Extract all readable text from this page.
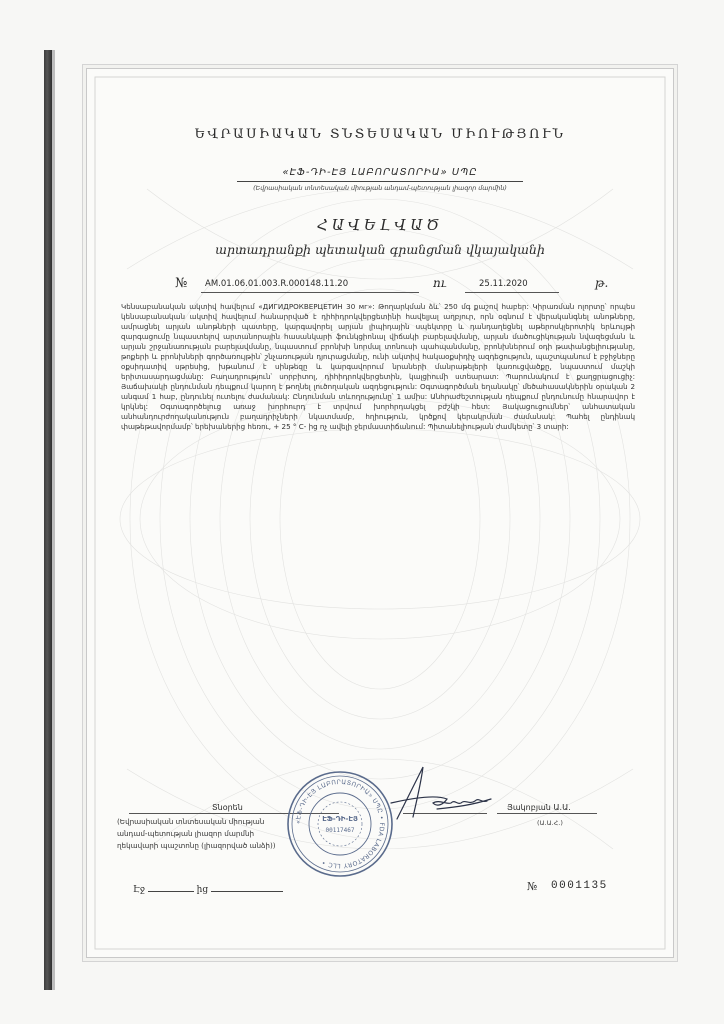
ԵՎՐԱՍԻԱԿԱՆ ՏՆՏԵՍԱԿԱՆ ՄԻՈՒԹՅՈՒՆ
«ԷՖ-ԴԻ-ԷՅ ԼԱԲՈՐԱՏՈՐԻԱ» ՍՊԸ
(Եվրասիական տնտեսական միության անդամ-պետության լիազոր մարմին)
ՀԱՎԵԼՎԱԾ
արտադրանքի պետական գրանցման վկայականի
№ AM.01.06.01.003.R.000148.11.20	ու	25.11.2020	թ.

Կենսաբանական ակտիվ հավելում «ДИГИДРОКВЕРЦЕТИН 30 мг»: Թողարկման ձև՝ 250 մգ քաշով հաբեր: Կիրառման ոլորտը՝ որպես կենսաբանական ակտիվ հավելում հանարրված է դիհիդրոկվերցետինի հավելյալ աղբյուր, որն օգնում է վերականգնել անոթները, ամրացնել արյան անոթների պատերը, կարգավորել արյան լիպիդային սպեկտրը և դանդաղեցնել աթերոսկլերոտիկ երևույթի զարգացումը նպաստելով արտանորային հասանկարի ֆունկցիոնալ վիճակի բարելավմանը, արյան մածուցիկության նվազեցման և արյան շրջանառության բարելավմանը, նպաստում բրոնխի նորմալ տոնուսի պահպանմանը, բրոնխներում օդի թափանցելիությանը, թոքերի և բրոնխների գործառույթին՝ շնչառության դյուրացմանը, ունի ակտիվ հակաօքսիդիչ ազդեցություն, պաշտպանում է բջիջները օքսիդատիվ սթրեսից, խթանում է սինթեզը և կարգավորում նրաների մանրաթելերի կառուցվածքը, նպաստում մաշկի երիտասարդացմանը: Բաղադրություն՝ սորբիտոլ, դիհիդրոկվերցետին, կալցիումի ստեարատ: Պարունակում է քաղցրացուցիչ: Յաճախակի ընդունման դեպքում կարող է թողնել լուծողական ազդեցություն: Օգտագործման եղանակը՝ մեծահասակներին օրական 2 անգամ 1 հաբ, ընդունել ուտելու ժամանակ: Ընդունման տևողությունը՝ 1 ամիս: Անհրաժեշտության դեպքում ընդունումը հնարավոր է կրկնել: Օգտագործելուց առաջ խորհուրդ է տրվում խորհրդակցել բժշկի հետ: Յակացուցումներ՝ անհատական անհանդուրժողականություն բաղադրիչների նկատմամբ, հղիություն, կրծքով կերակրման ժամանակ: Պահել ընդինակ փաթեթավորմամբ՝ երեխաներից հեռու, + 25 ° C- ից ոչ ավելի ջերմաստիճանում: Պիտանելիության ժամկետը՝ 3 տարի:

Տնօրեն
(Եվրասիական տնտեսական միության անդամ-պետության լիազոր մարմնի ղեկավարի պաշտոնը (լիազորված անձի))
Յակոբյան Ա.Ա.
(Ա.Ա.Հ.)
«ԷՖ-ԴԻ-ԷՅ ԼԱԲՈՐԱՏՈՐԻԱ» ՍՊԸ • FDA LABORATORY LLC •
ԷՖ-ԴԻ-ԷՅ
00117467
Էջ	ից	№ 0001135
